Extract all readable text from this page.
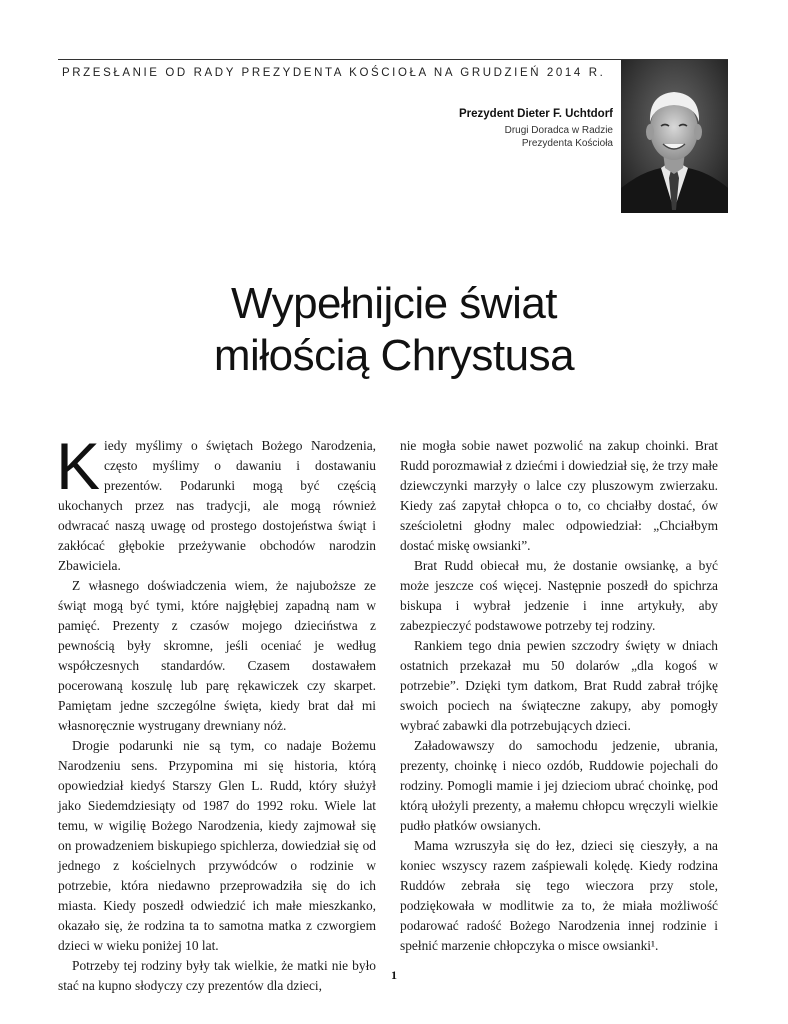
PRZESŁANIE OD RADY PREZYDENTA KOŚCIOŁA NA GRUDZIEŃ 2014 R.
Prezydent Dieter F. Uchtdorf
Drugi Doradca w Radzie
Prezydenta Kościoła
Wypełnijcie świat
miłością Chrystusa

Kiedy myślimy o świętach Bożego Narodzenia, często myślimy o dawaniu i dostawaniu prezentów. Podarunki mogą być częścią ukochanych przez nas tradycji, ale mogą również odwracać naszą uwagę od prostego dostojeństwa świąt i zakłócać głębokie przeżywanie obchodów narodzin Zbawiciela.

Z własnego doświadczenia wiem, że najuboższe ze świąt mogą być tymi, które najgłębiej zapadną nam w pamięć. Prezenty z czasów mojego dzieciństwa z pewnością były skromne, jeśli oceniać je według współczesnych standardów. Czasem dostawałem pocerowaną koszulę lub parę rękawiczek czy skarpet. Pamiętam jedne szczególne święta, kiedy brat dał mi własnoręcznie wystrugany drewniany nóż.

Drogie podarunki nie są tym, co nadaje Bożemu Narodzeniu sens. Przypomina mi się historia, którą opowiedział kiedyś Starszy Glen L. Rudd, który służył jako Siedemdziesiąty od 1987 do 1992 roku. Wiele lat temu, w wigilię Bożego Narodzenia, kiedy zajmował się on prowadzeniem biskupiego spichlerza, dowiedział się od jednego z kościelnych przywódców o rodzinie w potrzebie, która niedawno przeprowadziła się do ich miasta. Kiedy poszedł odwiedzić ich małe mieszkanko, okazało się, że rodzina ta to samotna matka z czworgiem dzieci w wieku poniżej 10 lat.

Potrzeby tej rodziny były tak wielkie, że matki nie było stać na kupno słodyczy czy prezentów dla dzieci,

nie mogła sobie nawet pozwolić na zakup choinki. Brat Rudd porozmawiał z dziećmi i dowiedział się, że trzy małe dziewczynki marzyły o lalce czy pluszowym zwierzaku. Kiedy zaś zapytał chłopca o to, co chciałby dostać, ów sześcioletni głodny malec odpowiedział: „Chciałbym dostać miskę owsianki”.

Brat Rudd obiecał mu, że dostanie owsiankę, a być może jeszcze coś więcej. Następnie poszedł do spichrza biskupa i wybrał jedzenie i inne artykuły, aby zabezpieczyć podstawowe potrzeby tej rodziny.

Rankiem tego dnia pewien szczodry święty w dniach ostatnich przekazał mu 50 dolarów „dla kogoś w potrzebie”. Dzięki tym datkom, Brat Rudd zabrał trójkę swoich pociech na świąteczne zakupy, aby pomogły wybrać zabawki dla potrzebujących dzieci.

Załadowawszy do samochodu jedzenie, ubrania, prezenty, choinkę i nieco ozdób, Ruddowie pojechali do rodziny. Pomogli mamie i jej dzieciom ubrać choinkę, pod którą ułożyli prezenty, a małemu chłopcu wręczyli wielkie pudło płatków owsianych.

Mama wzruszyła się do łez, dzieci się cieszyły, a na koniec wszyscy razem zaśpiewali kolędę. Kiedy rodzina Ruddów zebrała się tego wieczora przy stole, podziękowała w modlitwie za to, że miała możliwość podarować radość Bożego Narodzenia innej rodzinie i spełnić marzenie chłopczyka o misce owsianki¹.

1
